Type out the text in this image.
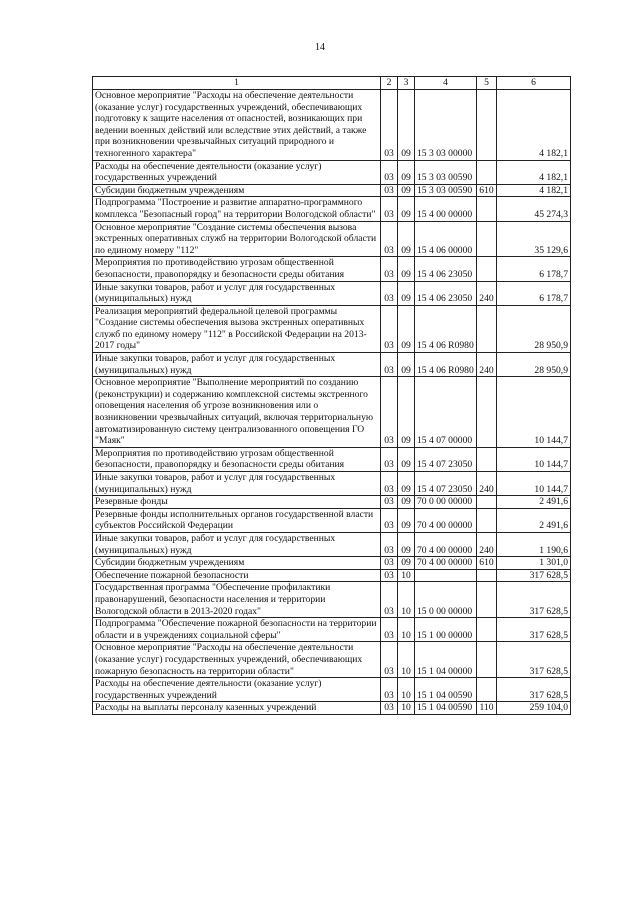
14
1	2	3	4	5	6
Основное мероприятие "Расходы на обеспечение деятельности (оказание услуг) государственных учреждений, обеспечивающих подготовку к защите населения от опасностей, возникающих при ведении военных действий или вследствие этих действий, а также при возникновении чрезвычайных ситуаций природного и техногенного характера"	03	09	15 3 03 00000		4 182,1
Расходы на обеспечение деятельности (оказание услуг) государственных учреждений	03	09	15 3 03 00590		4 182,1
Субсидии бюджетным учреждениям	03	09	15 3 03 00590	610	4 182,1
Подпрограмма "Построение и развитие аппаратно-программного комплекса "Безопасный город" на территории Вологодской области"	03	09	15 4 00 00000		45 274,3
Основное мероприятие "Создание системы обеспечения вызова экстренных оперативных служб на территории Вологодской области по единому номеру "112"	03	09	15 4 06 00000		35 129,6
Мероприятия по противодействию угрозам общественной безопасности, правопорядку и безопасности среды обитания	03	09	15 4 06 23050		6 178,7
Иные закупки товаров, работ и услуг для государственных (муниципальных) нужд	03	09	15 4 06 23050	240	6 178,7
Реализация мероприятий федеральной целевой программы "Создание системы обеспечения вызова экстренных оперативных служб по единому номеру "112" в Российской Федерации на 2013-2017 годы"	03	09	15 4 06 R0980		28 950,9
Иные закупки товаров, работ и услуг для государственных (муниципальных) нужд	03	09	15 4 06 R0980	240	28 950,9
Основное мероприятие "Выполнение мероприятий по созданию (реконструкции) и содержанию комплексной системы экстренного оповещения населения об угрозе возникновения или о возникновении чрезвычайных ситуаций, включая территориальную автоматизированную систему централизованного оповещения ГО "Маяк"	03	09	15 4 07 00000		10 144,7
Мероприятия по противодействию угрозам общественной безопасности, правопорядку и безопасности среды обитания	03	09	15 4 07 23050		10 144,7
Иные закупки товаров, работ и услуг для государственных (муниципальных) нужд	03	09	15 4 07 23050	240	10 144,7
Резервные фонды	03	09	70 0 00 00000		2 491,6
Резервные фонды исполнительных органов государственной власти субъектов Российской Федерации	03	09	70 4 00 00000		2 491,6
Иные закупки товаров, работ и услуг для государственных (муниципальных) нужд	03	09	70 4 00 00000	240	1 190,6
Субсидии бюджетным учреждениям	03	09	70 4 00 00000	610	1 301,0
Обеспечение пожарной безопасности	03	10			317 628,5
Государственная программа "Обеспечение профилактики правонарушений, безопасности населения и территории Вологодской области в 2013-2020 годах"	03	10	15 0 00 00000		317 628,5
Подпрограмма "Обеспечение пожарной безопасности на территории области и в учреждениях социальной сферы"	03	10	15 1 00 00000		317 628,5
Основное мероприятие "Расходы на обеспечение деятельности (оказание услуг) государственных учреждений, обеспечивающих пожарную безопасность на территории области"	03	10	15 1 04 00000		317 628,5
Расходы на обеспечение деятельности (оказание услуг) государственных учреждений	03	10	15 1 04 00590		317 628,5
Расходы на выплаты персоналу казенных учреждений	03	10	15 1 04 00590	110	259 104,0
